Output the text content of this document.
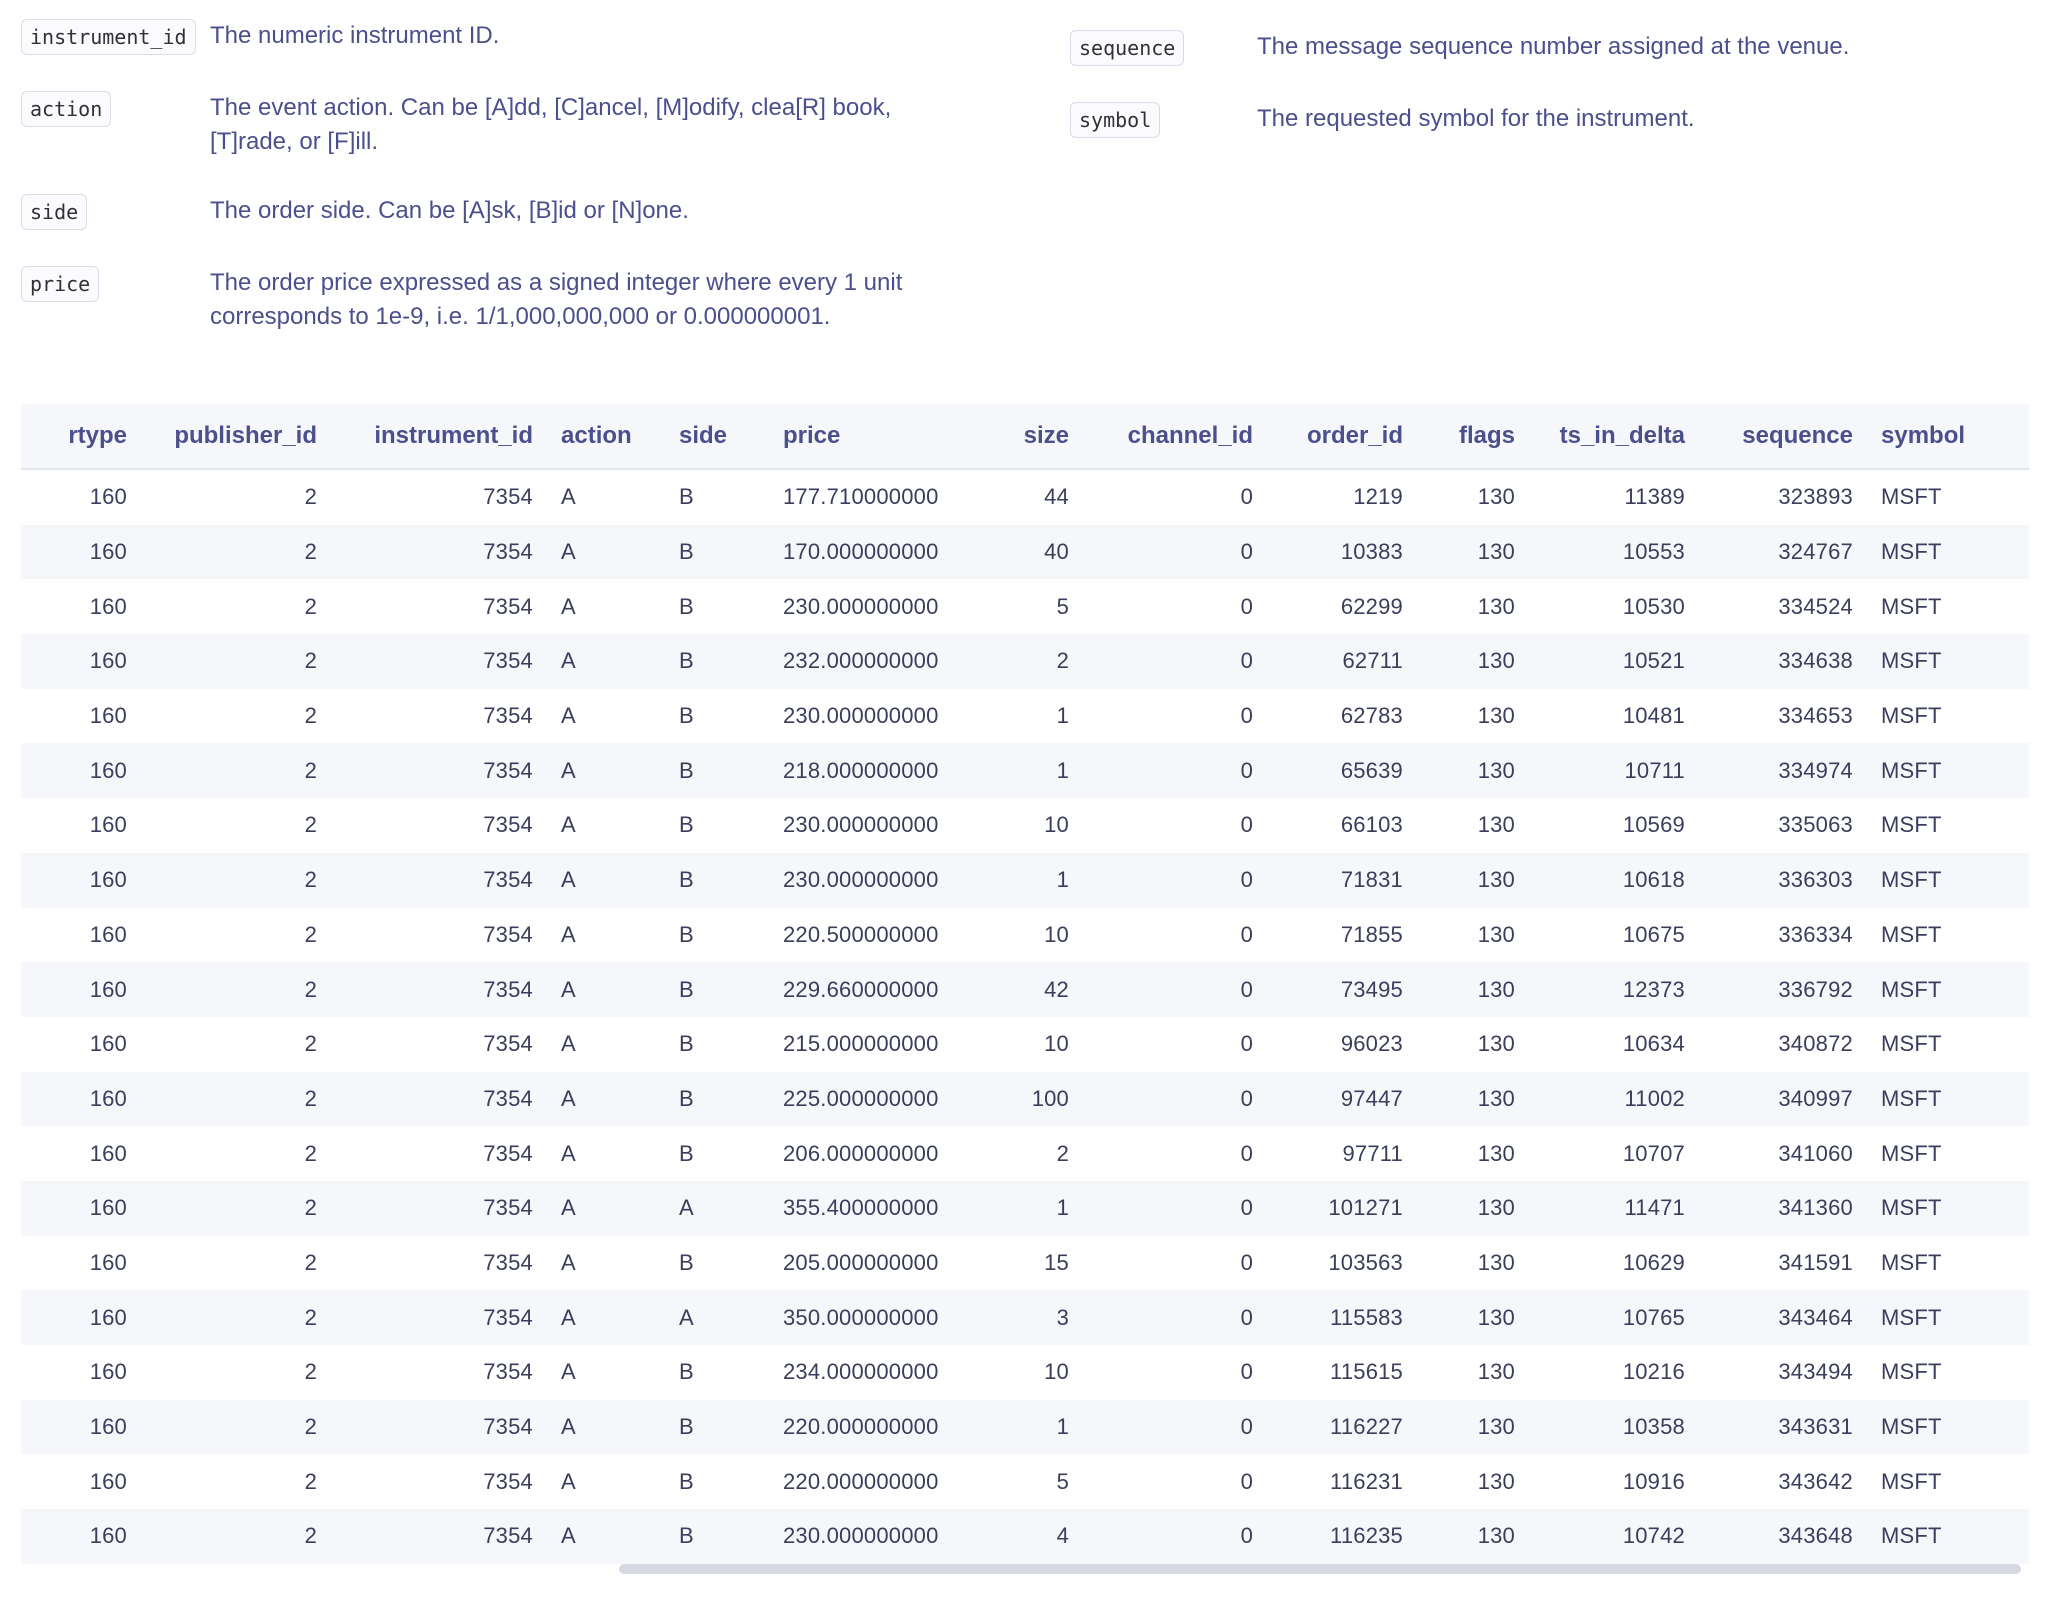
instrument_id The numeric instrument ID.
action	The event action. Can be [A]dd, [C]ancel, [M]odify, clea[R] book, [T]rade, or [F]ill.
side	The order side. Can be [A]sk, [B]id or [N]one.
price	The order price expressed as a signed integer where every 1 unit corresponds to 1e-9, i.e. 1/1,000,000,000 or 0.000000001.
sequence	The message sequence number assigned at the venue.
symbol	The requested symbol for the instrument.
rtype	publisher_id	instrument_id	action	side	price	size	channel_id	order_id	flags	ts_in_delta	sequence	symbol
160	2	7354	A	B	177.710000000	44	0	1219	130	11389	323893	MSFT
160	2	7354	A	B	170.000000000	40	0	10383	130	10553	324767	MSFT
160	2	7354	A	B	230.000000000	5	0	62299	130	10530	334524	MSFT
160	2	7354	A	B	232.000000000	2	0	62711	130	10521	334638	MSFT
160	2	7354	A	B	230.000000000	1	0	62783	130	10481	334653	MSFT
160	2	7354	A	B	218.000000000	1	0	65639	130	10711	334974	MSFT
160	2	7354	A	B	230.000000000	10	0	66103	130	10569	335063	MSFT
160	2	7354	A	B	230.000000000	1	0	71831	130	10618	336303	MSFT
160	2	7354	A	B	220.500000000	10	0	71855	130	10675	336334	MSFT
160	2	7354	A	B	229.660000000	42	0	73495	130	12373	336792	MSFT
160	2	7354	A	B	215.000000000	10	0	96023	130	10634	340872	MSFT
160	2	7354	A	B	225.000000000	100	0	97447	130	11002	340997	MSFT
160	2	7354	A	B	206.000000000	2	0	97711	130	10707	341060	MSFT
160	2	7354	A	A	355.400000000	1	0	101271	130	11471	341360	MSFT
160	2	7354	A	B	205.000000000	15	0	103563	130	10629	341591	MSFT
160	2	7354	A	A	350.000000000	3	0	115583	130	10765	343464	MSFT
160	2	7354	A	B	234.000000000	10	0	115615	130	10216	343494	MSFT
160	2	7354	A	B	220.000000000	1	0	116227	130	10358	343631	MSFT
160	2	7354	A	B	220.000000000	5	0	116231	130	10916	343642	MSFT
160	2	7354	A	B	230.000000000	4	0	116235	130	10742	343648	MSFT
